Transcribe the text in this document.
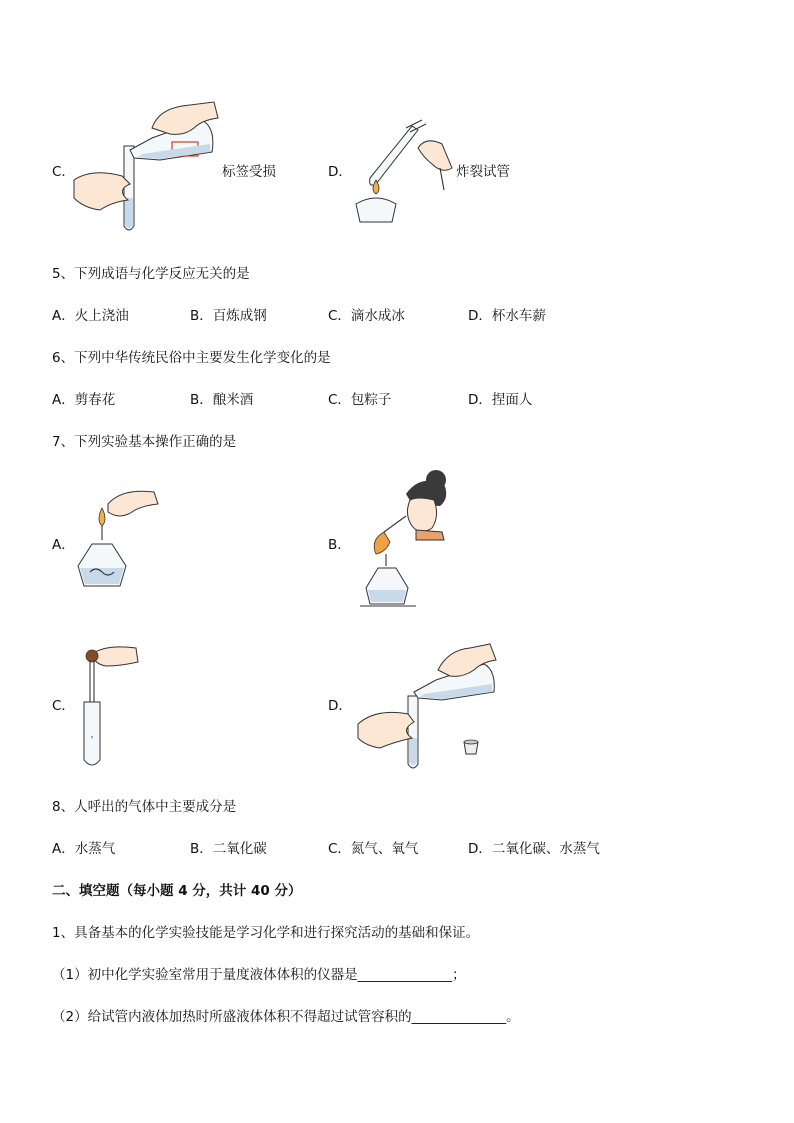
C．	标签受损	D．	炸裂试管
5、下列成语与化学反应无关的是
A．火上浇油	B．百炼成钢	C．滴水成冰	D．杯水车薪
6、下列中华传统民俗中主要发生化学变化的是
A．剪春花	B．酿米酒	C．包粽子	D．捏面人
7、下列实验基本操作正确的是
A．	B．
C．	D．
8、人呼出的气体中主要成分是
A．水蒸气	B．二氧化碳	C．氮气、氧气	D．二氧化碳、水蒸气
二、填空题（每小题 4 分，共计 40 分）
1、具备基本的化学实验技能是学习化学和进行探究活动的基础和保证。
（1）初中化学实验室常用于量度液体体积的仪器是______________；
（2）给试管内液体加热时所盛液体体积不得超过试管容积的______________。
